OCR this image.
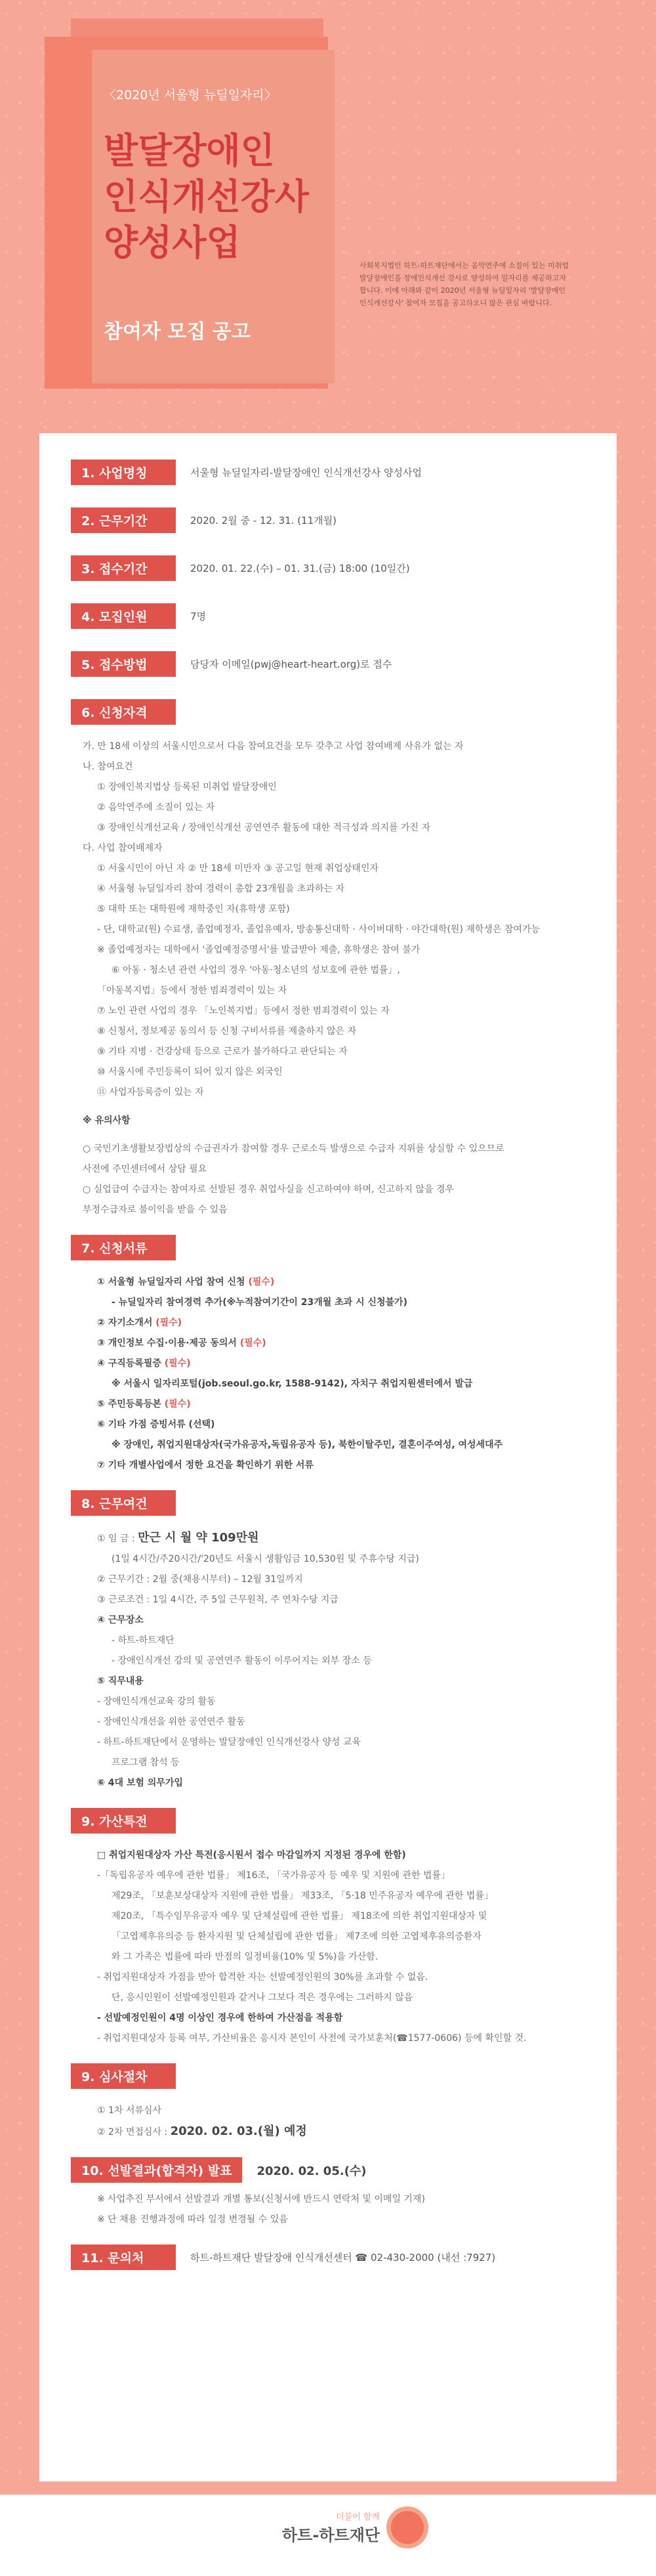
〈2020년 서울형 뉴딜일자리〉
발달장애인
인식개선강사
양성사업
참여자 모집 공고
사회복지법인 하트-하트재단에서는 음악연주에 소질이 있는 미취업 발달장애인을 장애인식개선 강사로 양성하여 일자리를 제공하고자 합니다. 이에 아래와 같이 2020년 서울형 뉴딜일자리 '발달장애인 인식개선강사' 참여자 모집을 공고하오니 많은 관심 바랍니다.
1. 사업명칭	서울형 뉴딜일자리-발달장애인 인식개선강사 양성사업
2. 근무기간	2020. 2월 중 - 12. 31. (11개월)
3. 접수기간	2020. 01. 22.(수) – 01. 31.(금) 18:00 (10일간)
4. 모집인원	7명
5. 접수방법	담당자 이메일(pwj@heart-heart.org)로 접수
6. 신청자격
가. 만 18세 이상의 서울시민으로서 다음 참여요건을 모두 갖추고 사업 참여배제 사유가 없는 자
나. 참여요건
① 장애인복지법상 등록된 미취업 발달장애인
② 음악연주에 소질이 있는 자
③ 장애인식개선교육 / 장애인식개선 공연연주 활동에 대한 적극성과 의지를 가진 자
다. 사업 참여배제자
① 서울시민이 아닌 자 ② 만 18세 미만자 ③ 공고일 현재 취업상태인자
④ 서울형 뉴딜일자리 참여 경력이 총합 23개월을 초과하는 자
⑤ 대학 또는 대학원에 재학중인 자(휴학생 포함)
- 단, 대학교(원) 수료생, 졸업예정자, 졸업유예자, 방송통신대학 · 사이버대학 · 야간대학(원) 재학생은 참여가능
※ 졸업예정자는 대학에서 '졸업예정증명서'를 발급받아 제출, 휴학생은 참여 불가
⑥ 아동 · 청소년 관련 사업의 경우 '아동·청소년의 성보호에 관한 법률」,
「아동복지법」등에서 정한 범죄경력이 있는 자
⑦ 노인 관련 사업의 경우 「노인복지법」등에서 정한 범죄경력이 있는 자
⑧ 신청서, 정보제공 동의서 등 신청 구비서류를 제출하지 않은 자
⑨ 기타 지병 · 건강상태 등으로 근로가 불가하다고 판단되는 자
⑩ 서울시에 주민등록이 되어 있지 않은 외국인
⑪ 사업자등록증이 있는 자
※ 유의사항
○ 국민기초생활보장법상의 수급권자가 참여할 경우 근로소득 발생으로 수급자 지위를 상실할 수 있으므로
사전에 주민센터에서 상담 필요
○ 실업급여 수급자는 참여자로 선발된 경우 취업사실을 신고하여야 하며, 신고하지 않을 경우
부정수급자로 불이익을 받을 수 있음
7. 신청서류
① 서울형 뉴딜일자리 사업 참여 신청 (필수)
- 뉴딜일자리 참여경력 추가(※누적참여기간이 23개월 초과 시 신청불가)
② 자기소개서 (필수)
③ 개인정보 수집·이용·제공 동의서 (필수)
④ 구직등록필증 (필수)
※ 서울시 일자리포털(job.seoul.go.kr, 1588-9142), 자치구 취업지원센터에서 발급
⑤ 주민등록등본 (필수)
⑥ 기타 가점 증빙서류 (선택)
※ 장애인, 취업지원대상자(국가유공자,독립유공자 등), 북한이탈주민, 결혼이주여성, 여성세대주
⑦ 기타 개별사업에서 정한 요건을 확인하기 위한 서류
8. 근무여건
① 임 금 : 만근 시 월 약 109만원
(1일 4시간/주20시간/'20년도 서울시 생활임금 10,530원 및 주휴수당 지급)
② 근무기간 : 2월 중(채용시부터) – 12월 31일까지
③ 근로조건 : 1일 4시간, 주 5일 근무원칙, 주 연차수당 지급
④ 근무장소
- 하트-하트재단
- 장애인식개선 강의 및 공연연주 활동이 이루어지는 외부 장소 등
⑤ 직무내용
- 장애인식개선교육 강의 활동
- 장애인식개선을 위한 공연연주 활동
- 하트-하트재단에서 운영하는 발달장애인 인식개선강사 양성 교육
프로그램 참석 등
⑥ 4대 보험 의무가입
9. 가산특전
□ 취업지원대상자 가산 특전(응시원서 접수 마감일까지 지정된 경우에 한함)
-「독립유공자 예우에 관한 법률」 제16조, 「국가유공자 등 예우 및 지원에 관한 법률」
제29조, 「보훈보상대상자 지원에 관한 법률」 제33조, 「5·18 민주유공자 예우에 관한 법률」
제20조, 「특수임무유공자 예우 및 단체설립에 관한 법률」 제18조에 의한 취업지원대상자 및
「고엽제후유의증 등 환자지원 및 단체설립에 관한 법률」 제7조에 의한 고엽제후유의증환자
와 그 가족은 법률에 따라 만점의 일정비율(10% 및 5%)을 가산함.
- 취업지원대상자 가점을 받아 합격한 자는 선발예정인원의 30%를 초과할 수 없음.
단, 응시인원이 선발예정인원과 같거나 그보다 적은 경우에는 그러하지 않음
- 선발예정인원이 4명 이상인 경우에 한하여 가산점을 적용함
- 취업지원대상자 등록 여부, 가산비율은 응시자 본인이 사전에 국가보훈처(☎1577-0606) 등에 확인할 것.
9. 심사절차
① 1차 서류심사
② 2차 면접심사 : 2020. 02. 03.(월) 예정
10. 선발결과(합격자) 발표	2020. 02. 05.(수)
※ 사업추진 부서에서 선발결과 개별 통보(신청서에 반드시 연락처 및 이메일 기재)
※ 단 채용 진행과정에 따라 일정 변경될 수 있음
11. 문의처	하트-하트재단 발달장애 인식개선센터 ☎ 02-430-2000 (내선 :7927)
더불어 함께
하트-하트재단
